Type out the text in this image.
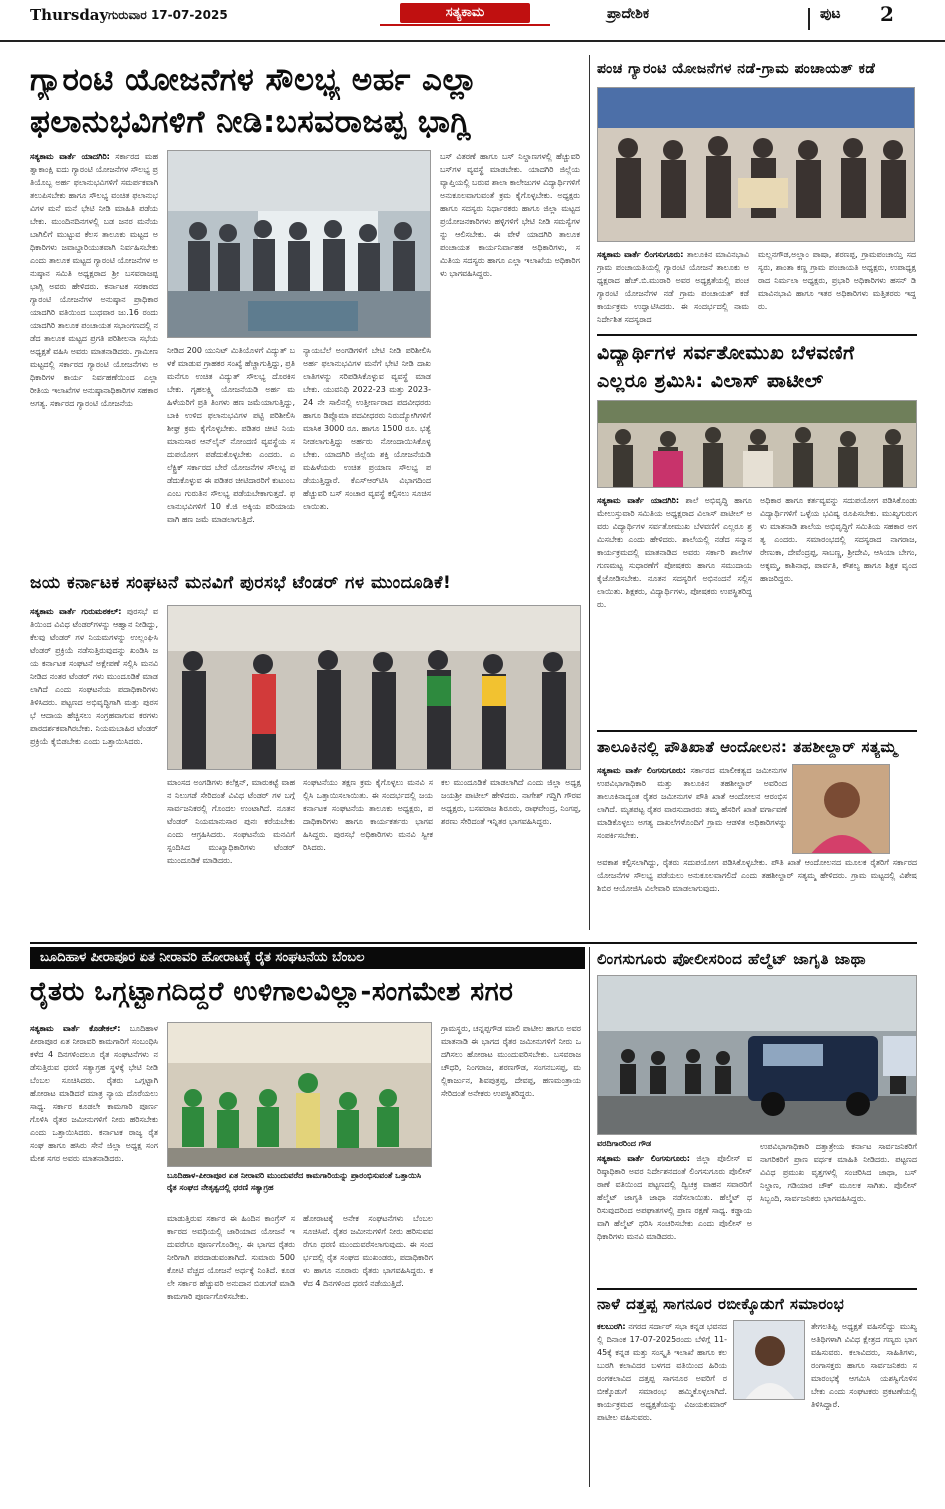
Thursday ಗುರುವಾರ 17-07-2025	ಸತ್ಯಕಾಮ	ಪ್ರಾದೇಶಿಕ	ಪುಟ 2
ಗ್ಯಾರಂಟಿ ಯೋಜನೆಗಳ ಸೌಲಭ್ಯ ಅರ್ಹ ಎಲ್ಲಾ
ಫಲಾನುಭವಿಗಳಿಗೆ ನೀಡಿ:ಬಸವರಾಜಪ್ಪ ಭಾಗ್ಲಿ
ಸತ್ಯಕಾಮ ವಾರ್ತೆ ಯಾದಗಿರಿ: ಸರ್ಕಾರದ ಮಹತ್ವಾಕಾಂಕ್ಷಿ ಐದು ಗ್ಯಾರಂಟಿ ಯೋಜನೆಗಳ ಸೌಲಭ್ಯ ಪ್ರತಿಯೊಬ್ಬ ಅರ್ಹ ಫಲಾನುಭವಿಗಳಿಗೆ ಸಮರ್ಪಕವಾಗಿ ತಲುಪಿಸಬೇಕು ಹಾಗೂ ಸೌಲಭ್ಯ ವಂಚಿತ ಫಲಾನುಭವಿಗಳ ಮನೆ ಮನೆ ಭೇಟಿ ನೀಡಿ ಮಾಹಿತಿ ಪಡೆಯಬೇಕು. ಮುಂದಿನದಿನಗಳಲ್ಲಿ ಬಡ ಜನರ ಮನೆಯ ಬಾಗಿಲಿಗೆ ಮುಟ್ಟುವ ಕೆಲಸ ತಾಲೂಕು ಮಟ್ಟದ ಅಧಿಕಾರಿಗಳು ಜವಾಬ್ದಾರಿಯುತವಾಗಿ ನಿರ್ವಹಿಸಬೇಕು ಎಂದು ತಾಲೂಕ ಮಟ್ಟದ ಗ್ಯಾರಂಟಿ ಯೋಜನೆಗಳ ಅನುಷ್ಠಾನ ಸಮಿತಿ ಅಧ್ಯಕ್ಷರಾದ ಶ್ರೀ ಬಸವರಾಜಪ್ಪ ಭಾಗ್ಲಿ ಅವರು ಹೇಳಿದರು. ಕರ್ನಾಟಕ ಸರಕಾರದ ಗ್ಯಾರಂಟಿ ಯೋಜನೆಗಳ ಅನುಷ್ಠಾನ ಪ್ರಾಧಿಕಾರ ಯಾದಗಿರಿ ವತಿಯಿಂದ ಬುಧವಾರ ಜು.16 ರಂದು ಯಾದಗಿರಿ ತಾಲೂಕ ಪಂಚಾಯತ ಸಭಾಂಗಣದಲ್ಲಿ ನಡೆದ ತಾಲೂಕ ಮಟ್ಟದ ಪ್ರಗತಿ ಪರಿಶೀಲನಾ ಸಭೆಯ ಅಧ್ಯಕ್ಷತೆ ವಹಿಸಿ ಅವರು ಮಾತನಾಡಿದರು. ಗ್ರಾಮೀಣ ಮಟ್ಟದಲ್ಲಿ ಸರ್ಕಾರದ ಗ್ಯಾರಂಟಿ ಯೋಜನೆಗಳು ಅಧಿಕಾರಿಗಳ ಕಾರ್ಯ ನಿರ್ವಹಣೆಯಿಂದ ಎಲ್ಲಾ ರೀತಿಯ ಇಲಾಖೆಗಳ ಅನುಷ್ಠಾನಾಧಿಕಾರಿಗಳ ಸಹಕಾರ ಅಗತ್ಯ. ಸರ್ಕಾರದ ಗ್ಯಾರಂಟಿ ಯೋಜನೆಯ
ನೀಡಿದ 200 ಯುನಿಟ್ ಮಿತಿಯೊಳಗೆ ವಿದ್ಯುತ್ ಬಳಕೆ ಮಾಡುವ ಗ್ರಾಹಕರ ಸಂಖ್ಯೆ ಹೆಚ್ಚಾಗುತ್ತಿದ್ದು, ಪ್ರತಿ ಮನೆಗೂ ಉಚಿತ ವಿದ್ಯುತ್ ಸೌಲಭ್ಯ ದೊರಕಿಸಬೇಕು. ಗೃಹಲಕ್ಷ್ಮಿ ಯೋಜನೆಯಡಿ ಅರ್ಹ ಮಹಿಳೆಯರಿಗೆ ಪ್ರತಿ ತಿಂಗಳು ಹಣ ಜಮೆಯಾಗುತ್ತಿದ್ದು, ಬಾಕಿ ಉಳಿದ ಫಲಾನುಭವಿಗಳ ಪಟ್ಟಿ ಪರಿಶೀಲಿಸಿ ಶೀಘ್ರ ಕ್ರಮ ಕೈಗೊಳ್ಳಬೇಕು. ಪಡಿತರ ಚೀಟಿ ನಿಯಮಾನುಸಾರ ಆನ್‌ಲೈನ್ ನೋಂದಣಿ ವ್ಯವಸ್ಥೆಯ ಸದುಪಯೋಗ ಪಡೆದುಕೊಳ್ಳಬೇಕು ಎಂದರು. ಎಲೆಕ್ಟ್ರಿಕ್ ಸರ್ಕಾರದ ಬೇರೆ ಯೋಜನೆಗಳ ಸೌಲಭ್ಯ ಪಡೆದುಕೊಳ್ಳುವ ಈ ಪಡಿತರ ಚೀಟಿದಾರರಿಗೆ ಕುಟುಂಬ ಎಂಬ ಗುರುತಿನ ಸೌಲಭ್ಯ ಪಡೆಯಬೇಕಾಗುತ್ತದೆ. ಫಲಾನುಭವಿಗಳಿಗೆ 10 ಕೆ.ಜಿ ಅಕ್ಕಿಯ ಪರಿಯಾಯವಾಗಿ ಹಣ ಜಮೆ ಮಾಡಲಾಗುತ್ತಿದೆ.
ನ್ಯಾಯಬೆಲೆ ಅಂಗಡಿಗಳಿಗೆ ಬೇಟಿ ನೀಡಿ ಪರಿಶೀಲಿಸಿ ಅರ್ಹ ಫಲಾನುಭವಿಗಳ ಮನೆಗೆ ಭೇಟಿ ನೀಡಿ ದಾಖಲಾತಿಗಳನ್ನು ಸರಿಪಡಿಸಿಕೊಳ್ಳುವ ವ್ಯವಸ್ಥೆ ಮಾಡಬೇಕು. ಯುವನಿಧಿ 2022-23 ಮತ್ತು 2023-24 ನೇ ಸಾಲಿನಲ್ಲಿ ಉತ್ತೀರ್ಣರಾದ ಪದವೀಧರರು ಹಾಗೂ ಡಿಪ್ಲೊಮಾ ಪದವೀಧರರು ನಿರುದ್ಯೋಗಿಗಳಿಗೆ ಮಾಸಿಕ 3000 ರೂ. ಹಾಗೂ 1500 ರೂ. ಭತ್ಯೆ ನೀಡಲಾಗುತ್ತಿದ್ದು ಅರ್ಹರು ನೋಂದಾಯಿಸಿಕೊಳ್ಳಬೇಕು. ಯಾದಗಿರಿ ಜಿಲ್ಲೆಯ ಶಕ್ತಿ ಯೋಜನೆಯಡಿ ಮಹಿಳೆಯರು ಉಚಿತ ಪ್ರಯಾಣ ಸೌಲಭ್ಯ ಪಡೆಯುತ್ತಿದ್ದಾರೆ. ಕೆಎಸ್‌ಆರ್‌ಟಿಸಿ ವಿಭಾಗದಿಂದ ಹೆಚ್ಚುವರಿ ಬಸ್ ಸಂಚಾರ ವ್ಯವಸ್ಥೆ ಕಲ್ಪಿಸಲು ಸೂಚಿಸಲಾಯಿತು.
ಬಸ್ ವಿತರಣೆ ಹಾಗೂ ಬಸ್ ನಿಲ್ದಾಣಗಳಲ್ಲಿ ಹೆಚ್ಚುವರಿ ಬಸ್‌ಗಳ ವ್ಯವಸ್ಥೆ ಮಾಡಬೇಕು. ಯಾದಗಿರಿ ಜಿಲ್ಲೆಯ ವ್ಯಾಪ್ತಿಯಲ್ಲಿ ಬರುವ ಶಾಲಾ ಕಾಲೇಜುಗಳ ವಿದ್ಯಾರ್ಥಿಗಳಿಗೆ ಅನುಕೂಲವಾಗುವಂತೆ ಕ್ರಮ ಕೈಗೊಳ್ಳಬೇಕು. ಅಧ್ಯಕ್ಷರು ಹಾಗೂ ಸದಸ್ಯರು ನಿರ್ಧಾರಕರು ಹಾಗೂ ಜಿಲ್ಲಾ ಮಟ್ಟದ ಪ್ರಯೋಜನಕಾರಿಗಳು ಹಳ್ಳಿಗಳಿಗೆ ಭೇಟಿ ನೀಡಿ ಸಮಸ್ಯೆಗಳನ್ನು ಆಲಿಸಬೇಕು. ಈ ವೇಳೆ ಯಾದಗಿರಿ ತಾಲೂಕ ಪಂಚಾಯತ ಕಾರ್ಯನಿರ್ವಾಹಕ ಅಧಿಕಾರಿಗಳು, ಸಮಿತಿಯ ಸದಸ್ಯರು ಹಾಗೂ ಎಲ್ಲಾ ಇಲಾಖೆಯ ಅಧಿಕಾರಿಗಳು ಭಾಗವಹಿಸಿದ್ದರು.
ಪಂಚ ಗ್ಯಾರಂಟಿ ಯೋಜನೆಗಳ ನಡೆ-ಗ್ರಾಮ ಪಂಚಾಯತ್ ಕಡೆ
ಸತ್ಯಕಾಮ ವಾರ್ತೆ ಲಿಂಗಸುಗೂರು: ತಾಲೂಕಿನ ಮಾವಿನಭಾವಿ ಗ್ರಾಮ ಪಂಚಾಯತಿಯಲ್ಲಿ ಗ್ಯಾರಂಟಿ ಯೋಜನೆ ತಾಲೂಕು ಅಧ್ಯಕ್ಷರಾದ ಹೆಚ್.ಬಿ.ಮುರಾರಿ ಅವರ ಅಧ್ಯಕ್ಷತೆಯಲ್ಲಿ ಪಂಚ ಗ್ಯಾರಂಟಿ ಯೋಜನೆಗಳ ನಡೆ ಗ್ರಾಮ ಪಂಚಾಯತ್ ಕಡೆ ಕಾರ್ಯಕ್ರಮ ಉದ್ಘಾಟಿಸಿದರು. ಈ ಸಂದರ್ಭದಲ್ಲಿ ನಾಮ ನಿರ್ದೇಶಿತ ಸದಸ್ಯರಾದ
ಮಲ್ಲನಗೌಡ,ಅಲ್ಲಾಂ ಪಾಷಾ, ಶರಣಪ್ಪ, ಗ್ರಾಮಪಂಚಾಯ್ತಿ ಸದಸ್ಯರು, ಶಾಂತಾ ಕಣ್ಣ ಗ್ರಾಮ ಪಂಚಾಯತಿ ಅಧ್ಯಕ್ಷರು, ಉಪಾಧ್ಯಕ್ಷರಾದ ನಿರ್ಮಲಾ ಅಧ್ಯಕ್ಷರು, ಪ್ರಭಾರಿ ಅಧಿಕಾರಿಗಳು ಹಸನ್ ಡಿ ಮಾವಿನಭಾವಿ ಹಾಗೂ ಇತರ ಅಧಿಕಾರಿಗಳು ಮತ್ತಿತರರು ಇದ್ದರು.
ವಿದ್ಯಾರ್ಥಿಗಳ ಸರ್ವತೋಮುಖ ಬೆಳವಣಿಗೆ
ಎಲ್ಲರೂ ಶ್ರಮಿಸಿ: ವಿಲಾಸ್ ಪಾಟೀಲ್
ಸತ್ಯಕಾಮ ವಾರ್ತೆ ಯಾದಗಿರಿ: ಶಾಲೆ ಅಭಿವೃದ್ಧಿ ಹಾಗೂ ಮೇಲುಸ್ತುವಾರಿ ಸಮಿತಿಯ ಅಧ್ಯಕ್ಷರಾದ ವಿಲಾಸ್ ಪಾಟೀಲ್ ಅವರು ವಿದ್ಯಾರ್ಥಿಗಳ ಸರ್ವತೋಮುಖ ಬೆಳವಣಿಗೆ ಎಲ್ಲರೂ ಶ್ರಮಿಸಬೇಕು ಎಂದು ಹೇಳಿದರು. ಶಾಲೆಯಲ್ಲಿ ನಡೆದ ಸನ್ಮಾನ ಕಾರ್ಯಕ್ರಮದಲ್ಲಿ ಮಾತನಾಡಿದ ಅವರು ಸರ್ಕಾರಿ ಶಾಲೆಗಳ ಗುಣಮಟ್ಟ ಸುಧಾರಣೆಗೆ ಪೋಷಕರು ಹಾಗೂ ಸಮುದಾಯ ಕೈಜೋಡಿಸಬೇಕು. ನೂತನ ಸದಸ್ಯರಿಗೆ ಅಭಿನಂದನೆ ಸಲ್ಲಿಸಲಾಯಿತು. ಶಿಕ್ಷಕರು, ವಿದ್ಯಾರ್ಥಿಗಳು, ಪೋಷಕರು ಉಪಸ್ಥಿತರಿದ್ದರು.
ಅಧಿಕಾರ ಹಾಗೂ ಕರ್ತವ್ಯವನ್ನು ಸದುಪಯೋಗ ಪಡಿಸಿಕೊಂಡು ವಿದ್ಯಾರ್ಥಿಗಳಿಗೆ ಒಳ್ಳೆಯ ಭವಿಷ್ಯ ರೂಪಿಸಬೇಕು. ಮುಖ್ಯಗುರುಗಳು ಮಾತನಾಡಿ ಶಾಲೆಯ ಅಭಿವೃದ್ಧಿಗೆ ಸಮಿತಿಯ ಸಹಕಾರ ಅಗತ್ಯ ಎಂದರು. ಸಮಾರಂಭದಲ್ಲಿ ಸದಸ್ಯರಾದ ನಾಗರಾಜ, ರೇಣುಕಾ, ದೇವೆಂದ್ರಪ್ಪ, ಸಾಬಣ್ಣ, ಶ್ರೀದೇವಿ, ಆಸಿಯಾ ಬೇಗಂ, ಅಕ್ಕಮ್ಮ, ಕಾಶಿನಾಥ, ಪಾರ್ವತಿ, ಕೌಶಲ್ಯ ಹಾಗೂ ಶಿಕ್ಷಕ ವೃಂದ ಹಾಜರಿದ್ದರು.
ಜಯ ಕರ್ನಾಟಕ ಸಂಘಟನೆ ಮನವಿಗೆ ಪುರಸಭೆ ಟೆಂಡರ್ ಗಳ ಮುಂದೂಡಿಕೆ!
ಸತ್ಯಕಾಮ ವಾರ್ತೆ ಗುರುಮಠಕಲ್: ಪುರಸಭೆ ವತಿಯಿಂದ ವಿವಿಧ ಟೆಂಡರ್‌ಗಳನ್ನು ಆಹ್ವಾನ ನೀಡಿದ್ದು, ಕೆಲವು ಟೆಂಡರ್ ಗಳ ನಿಯಮಗಳನ್ನು ಉಲ್ಲಂಘಿಸಿ ಟೆಂಡರ್ ಪ್ರಕ್ರಿಯೆ ನಡೆಸುತ್ತಿರುವುದನ್ನು ಖಂಡಿಸಿ ಜಯ ಕರ್ನಾಟಕ ಸಂಘಟನೆ ಅಕ್ಷೇಪಣೆ ಸಲ್ಲಿಸಿ ಮನವಿ ನೀಡಿದ ನಂತರ ಟೆಂಡರ್ ಗಳು ಮುಂದೂಡಿಕೆ ಮಾಡಲಾಗಿದೆ ಎಂದು ಸಂಘಟನೆಯ ಪದಾಧಿಕಾರಿಗಳು ತಿಳಿಸಿದರು. ಪಟ್ಟಣದ ಅಭಿವೃದ್ಧಿಗಾಗಿ ಮತ್ತು ಪುರಸಭೆ ಆದಾಯ ಹೆಚ್ಚಿಸಲು ಸಂಗ್ರಹವಾಗುವ ಕರಗಳು ಪಾರದರ್ಶಕವಾಗಿರಬೇಕು. ನಿಯಮಬಾಹಿರ ಟೆಂಡರ್ ಪ್ರಕ್ರಿಯೆ ಕೈಬಿಡಬೇಕು ಎಂದು ಒತ್ತಾಯಿಸಿದರು.
ಮಾಂಸದ ಅಂಗಡಿಗಳು ಕಲೆಕ್ಷನ್, ಮಾರುಕಟ್ಟೆ ವಾಹನ ನಿಲುಗಡೆ ಸೇರಿದಂತೆ ವಿವಿಧ ಟೆಂಡರ್ ಗಳ ಬಗ್ಗೆ ಸಾರ್ವಜನಿಕರಲ್ಲಿ ಗೊಂದಲ ಉಂಟಾಗಿದೆ. ನೂತನ ಟೆಂಡರ್ ನಿಯಮಾನುಸಾರ ಪುನಃ ಕರೆಯಬೇಕು ಎಂದು ಆಗ್ರಹಿಸಿದರು. ಸಂಘಟನೆಯ ಮನವಿಗೆ ಸ್ಪಂದಿಸಿದ ಮುಖ್ಯಾಧಿಕಾರಿಗಳು ಟೆಂಡರ್ ಮುಂದೂಡಿಕೆ ಮಾಡಿದರು.
ಸಂಘಟನೆಯು ತಕ್ಷಣ ಕ್ರಮ ಕೈಗೊಳ್ಳಲು ಮನವಿ ಸಲ್ಲಿಸಿ ಒತ್ತಾಯಿಸಲಾಯಿತು. ಈ ಸಂದರ್ಭದಲ್ಲಿ ಜಯ ಕರ್ನಾಟಕ ಸಂಘಟನೆಯ ತಾಲೂಕು ಅಧ್ಯಕ್ಷರು, ಪದಾಧಿಕಾರಿಗಳು ಹಾಗೂ ಕಾರ್ಯಕರ್ತರು ಭಾಗವಹಿಸಿದ್ದರು. ಪುರಸಭೆ ಅಧಿಕಾರಿಗಳು ಮನವಿ ಸ್ವೀಕರಿಸಿದರು.
ಕಲ ಮುಂದೂಡಿಕೆ ಮಾಡಲಾಗಿದೆ ಎಂದು ಜಿಲ್ಲಾ ಅಧ್ಯಕ್ಷ ಜಯಶ್ರೀ ಪಾಟೀಲ್ ಹೇಳಿದರು. ನಾಗೇಶ್ ಗದ್ದಿಗಿ ಗೌರವ ಅಧ್ಯಕ್ಷರು, ಬಸವರಾಜ ಶಿರೂರು, ರಾಘವೇಂದ್ರ, ನಿಂಗಪ್ಪ, ಶರಣು ಸೇರಿದಂತೆ ಇನ್ನಿತರ ಭಾಗವಹಿಸಿದ್ದರು.
ತಾಲೂಕಿನಲ್ಲಿ ಪೌತಿಖಾತೆ ಆಂದೋಲನ: ತಹಶೀಲ್ದಾರ್ ಸತ್ಯಮ್ಮ
ಸತ್ಯಕಾಮ ವಾರ್ತೆ ಲಿಂಗಸುಗೂರು: ಸರ್ಕಾರದ ಮಾಲೀಕತ್ವದ ಜಮೀನುಗಳ ಉಪವಿಭಾಗಾಧಿಕಾರಿ ಮತ್ತು ತಾಲೂಕಿನ ತಹಶೀಲ್ದಾರ್ ಅವರಿಂದ ತಾಲೂಕಿನಾದ್ಯಂತ ರೈತರ ಜಮೀನುಗಳ ಪೌತಿ ಖಾತೆ ಆಂದೋಲನ ಆರಂಭಿಸಲಾಗಿದೆ. ಮೃತಪಟ್ಟ ರೈತರ ವಾರಸುದಾರರು ತಮ್ಮ ಹೆಸರಿಗೆ ಖಾತೆ ವರ್ಗಾವಣೆ ಮಾಡಿಕೊಳ್ಳಲು ಅಗತ್ಯ ದಾಖಲೆಗಳೊಂದಿಗೆ ಗ್ರಾಮ ಆಡಳಿತ ಅಧಿಕಾರಿಗಳನ್ನು ಸಂಪರ್ಕಿಸಬೇಕು.
ಅವಕಾಶ ಕಲ್ಪಿಸಲಾಗಿದ್ದು, ರೈತರು ಸದುಪಯೋಗ ಪಡಿಸಿಕೊಳ್ಳಬೇಕು. ಪೌತಿ ಖಾತೆ ಆಂದೋಲನದ ಮೂಲಕ ರೈತರಿಗೆ ಸರ್ಕಾರದ ಯೋಜನೆಗಳ ಸೌಲಭ್ಯ ಪಡೆಯಲು ಅನುಕೂಲವಾಗಲಿದೆ ಎಂದು ತಹಶೀಲ್ದಾರ್ ಸತ್ಯಮ್ಮ ಹೇಳಿದರು. ಗ್ರಾಮ ಮಟ್ಟದಲ್ಲಿ ವಿಶೇಷ ಶಿಬಿರ ಆಯೋಜಿಸಿ ವಿಲೇವಾರಿ ಮಾಡಲಾಗುವುದು.
ಬೂದಿಹಾಳ ಪೀರಾಪೂರ ಏತ ನೀರಾವರಿ ಹೋರಾಟಕ್ಕೆ ರೈತ ಸಂಘಟನೆಯ ಬೆಂಬಲ
ರೈತರು ಒಗ್ಗಟ್ಟಾಗದಿದ್ದರೆ ಉಳಿಗಾಲವಿಲ್ಲಾ-ಸಂಗಮೇಶ ಸಗರ
ಸತ್ಯಕಾಮ ವಾರ್ತೆ ಕೊಡೇಕಲ್: ಬೂದಿಹಾಳ ಪೀರಾಪೂರ ಏತ ನೀರಾವರಿ ಕಾಮಗಾರಿಗೆ ಸಂಬಂಧಿಸಿ ಕಳೆದ 4 ದಿನಗಳಿಂದಲೂ ರೈತ ಸಂಘಟನೆಗಳು ನಡೆಸುತ್ತಿರುವ ಧರಣಿ ಸತ್ಯಾಗ್ರಹ ಸ್ಥಳಕ್ಕೆ ಭೇಟಿ ನೀಡಿ ಬೆಂಬಲ ಸೂಚಿಸಿದರು. ರೈತರು ಒಗ್ಗಟ್ಟಾಗಿ ಹೋರಾಟ ಮಾಡಿದರೆ ಮಾತ್ರ ನ್ಯಾಯ ದೊರೆಯಲು ಸಾಧ್ಯ. ಸರ್ಕಾರ ಕೂಡಲೇ ಕಾಮಗಾರಿ ಪೂರ್ಣಗೊಳಿಸಿ ರೈತರ ಜಮೀನುಗಳಿಗೆ ನೀರು ಹರಿಸಬೇಕು ಎಂದು ಒತ್ತಾಯಿಸಿದರು. ಕರ್ನಾಟಕ ರಾಜ್ಯ ರೈತ ಸಂಘ ಹಾಗೂ ಹಸಿರು ಸೇನೆ ಜಿಲ್ಲಾ ಅಧ್ಯಕ್ಷ ಸಂಗಮೇಶ ಸಗರ ಅವರು ಮಾತನಾಡಿದರು.
ಬೂದಿಹಾಳ-ಪೀರಾಪೂರ ಏತ ನೀರಾವರಿ ಮುಂದುವರೆದ ಕಾಮಗಾರಿಯನ್ನು ಪ್ರಾರಂಭಿಸುವಂತೆ ಒತ್ತಾಯಿಸಿ ರೈತ ಸಂಘದ ನೇತೃತ್ವದಲ್ಲಿ ಧರಣಿ ಸತ್ಯಾಗ್ರಹ
ಮಾಡುತ್ತಿರುವ ಸರ್ಕಾರ ಈ ಹಿಂದಿನ ಕಾಂಗ್ರೆಸ್ ಸರ್ಕಾರದ ಅವಧಿಯಲ್ಲಿ ಜಾರಿಯಾದ ಯೋಜನೆ ಇದುವರೆಗೂ ಪೂರ್ಣಗೊಂಡಿಲ್ಲ. ಈ ಭಾಗದ ರೈತರು ನೀರಿಗಾಗಿ ಪರದಾಡುವಂತಾಗಿದೆ. ಸುಮಾರು 500 ಕೋಟಿ ವೆಚ್ಚದ ಯೋಜನೆ ಅರ್ಧಕ್ಕೆ ನಿಂತಿದೆ. ಕೂಡಲೇ ಸರ್ಕಾರ ಹೆಚ್ಚುವರಿ ಅನುದಾನ ಬಿಡುಗಡೆ ಮಾಡಿ ಕಾಮಗಾರಿ ಪೂರ್ಣಗೊಳಿಸಬೇಕು.
ಹೋರಾಟಕ್ಕೆ ಅನೇಕ ಸಂಘಟನೆಗಳು ಬೆಂಬಲ ಸೂಚಿಸಿವೆ. ರೈತರ ಜಮೀನುಗಳಿಗೆ ನೀರು ಹರಿಸುವವರೆಗೂ ಧರಣಿ ಮುಂದುವರೆಸಲಾಗುವುದು. ಈ ಸಂದರ್ಭದಲ್ಲಿ ರೈತ ಸಂಘದ ಮುಖಂಡರು, ಪದಾಧಿಕಾರಿಗಳು ಹಾಗೂ ನೂರಾರು ರೈತರು ಭಾಗವಹಿಸಿದ್ದರು. ಕಳೆದ 4 ದಿನಗಳಿಂದ ಧರಣಿ ನಡೆಯುತ್ತಿದೆ.
ಗ್ರಾಮಸ್ಥರು, ಚನ್ನಪ್ಪಗೌಡ ಮಾಲಿ ಪಾಟೀಲ ಹಾಗೂ ಅವರ ಮಾತನಾಡಿ ಈ ಭಾಗದ ರೈತರ ಜಮೀನುಗಳಿಗೆ ನೀರು ಒದಗಿಸಲು ಹೋರಾಟ ಮುಂದುವರಿಸಬೇಕು. ಬಸವರಾಜ ಚೌಧರಿ, ನಿಂಗರಾಜ, ಶರಣಗೌಡ, ಸಂಗನಬಸಪ್ಪ, ಮಲ್ಲಿಕಾರ್ಜುನ, ಶಿವಪುತ್ರಪ್ಪ, ದೇವಪ್ಪ, ಹಣಮಂತ್ರಾಯ ಸೇರಿದಂತೆ ಅನೇಕರು ಉಪಸ್ಥಿತರಿದ್ದರು.
ಲಿಂಗಸುಗೂರು ಪೋಲೀಸರಿಂದ ಹೆಲ್ಮೆಟ್ ಜಾಗೃತಿ ಜಾಥಾ
ವರದಿಗಾರರಿಂದ ಗೌಡ
ಸತ್ಯಕಾಮ ವಾರ್ತೆ ಲಿಂಗಸುಗೂರು: ಜಿಲ್ಲಾ ಪೊಲೀಸ್ ವರಿಷ್ಠಾಧಿಕಾರಿ ಅವರ ನಿರ್ದೇಶನದಂತೆ ಲಿಂಗಸುಗೂರು ಪೊಲೀಸ್ ಠಾಣೆ ವತಿಯಿಂದ ಪಟ್ಟಣದಲ್ಲಿ ದ್ವಿಚಕ್ರ ವಾಹನ ಸವಾರರಿಗೆ ಹೆಲ್ಮೆಟ್ ಜಾಗೃತಿ ಜಾಥಾ ನಡೆಸಲಾಯಿತು. ಹೆಲ್ಮೆಟ್ ಧರಿಸುವುದರಿಂದ ಅಪಘಾತಗಳಲ್ಲಿ ಪ್ರಾಣ ರಕ್ಷಣೆ ಸಾಧ್ಯ. ಕಡ್ಡಾಯವಾಗಿ ಹೆಲ್ಮೆಟ್ ಧರಿಸಿ ಸಂಚರಿಸಬೇಕು ಎಂದು ಪೊಲೀಸ್ ಅಧಿಕಾರಿಗಳು ಮನವಿ ಮಾಡಿದರು.
ಉಪವಿಭಾಗಾಧಿಕಾರಿ ದತ್ತಾತ್ರೇಯ ಕರ್ನಾಟ ಸಾರ್ವಜನಿಕರಿಗೆ ನಾಗರಿಕರಿಗೆ ಪ್ರಾಣ ವರ್ಧಕ ಮಾಹಿತಿ ನೀಡಿದರು. ಪಟ್ಟಣದ ವಿವಿಧ ಪ್ರಮುಖ ವೃತ್ತಗಳಲ್ಲಿ ಸಂಚರಿಸಿದ ಜಾಥಾ, ಬಸ್ ನಿಲ್ದಾಣ, ಗಡಿಯಾರ ಚೌಕ್ ಮೂಲಕ ಸಾಗಿತು. ಪೊಲೀಸ್ ಸಿಬ್ಬಂದಿ, ಸಾರ್ವಜನಿಕರು ಭಾಗವಹಿಸಿದ್ದರು.
ನಾಳೆ ದತ್ತಪ್ಪ ಸಾಗನೂರ ರಬೀಕ್ಕೊಡುಗೆ ಸಮಾರಂಭ
ಕಲಬುರಗಿ: ನಗರದ ಸರ್ದಾರ್ ಸಭಾ ಕನ್ನಡ ಭವನದಲ್ಲಿ ದಿನಾಂಕ 17-07-2025ರಂದು ಬೆಳಿಗ್ಗೆ 11-45ಕ್ಕೆ ಕನ್ನಡ ಮತ್ತು ಸಂಸ್ಕೃತಿ ಇಲಾಖೆ ಹಾಗೂ ಕಲಬುರಗಿ ಕಲಾವಿದರ ಬಳಗದ ವತಿಯಿಂದ ಹಿರಿಯ ರಂಗಕಲಾವಿದ ದತ್ತಪ್ಪ ಸಾಗನೂರ ಅವರಿಗೆ ರಬೀಕ್ಕೊಡುಗೆ ಸಮಾರಂಭ ಹಮ್ಮಿಕೊಳ್ಳಲಾಗಿದೆ. ಕಾರ್ಯಕ್ರಮದ ಅಧ್ಯಕ್ಷತೆಯನ್ನು ವಿಜಯಕುಮಾರ್ ಪಾಟೀಲ ವಹಿಸುವರು.
ತೇಗಲತಿಪ್ಪಿ ಅಧ್ಯಕ್ಷತೆ ವಹಿಸಲಿದ್ದು ಮುಖ್ಯ ಅತಿಥಿಗಳಾಗಿ ವಿವಿಧ ಕ್ಷೇತ್ರದ ಗಣ್ಯರು ಭಾಗವಹಿಸುವರು. ಕಲಾವಿದರು, ಸಾಹಿತಿಗಳು, ರಂಗಾಸಕ್ತರು ಹಾಗೂ ಸಾರ್ವಜನಿಕರು ಸಮಾರಂಭಕ್ಕೆ ಆಗಮಿಸಿ ಯಶಸ್ವಿಗೊಳಿಸಬೇಕು ಎಂದು ಸಂಘಟಕರು ಪ್ರಕಟಣೆಯಲ್ಲಿ ತಿಳಿಸಿದ್ದಾರೆ.
